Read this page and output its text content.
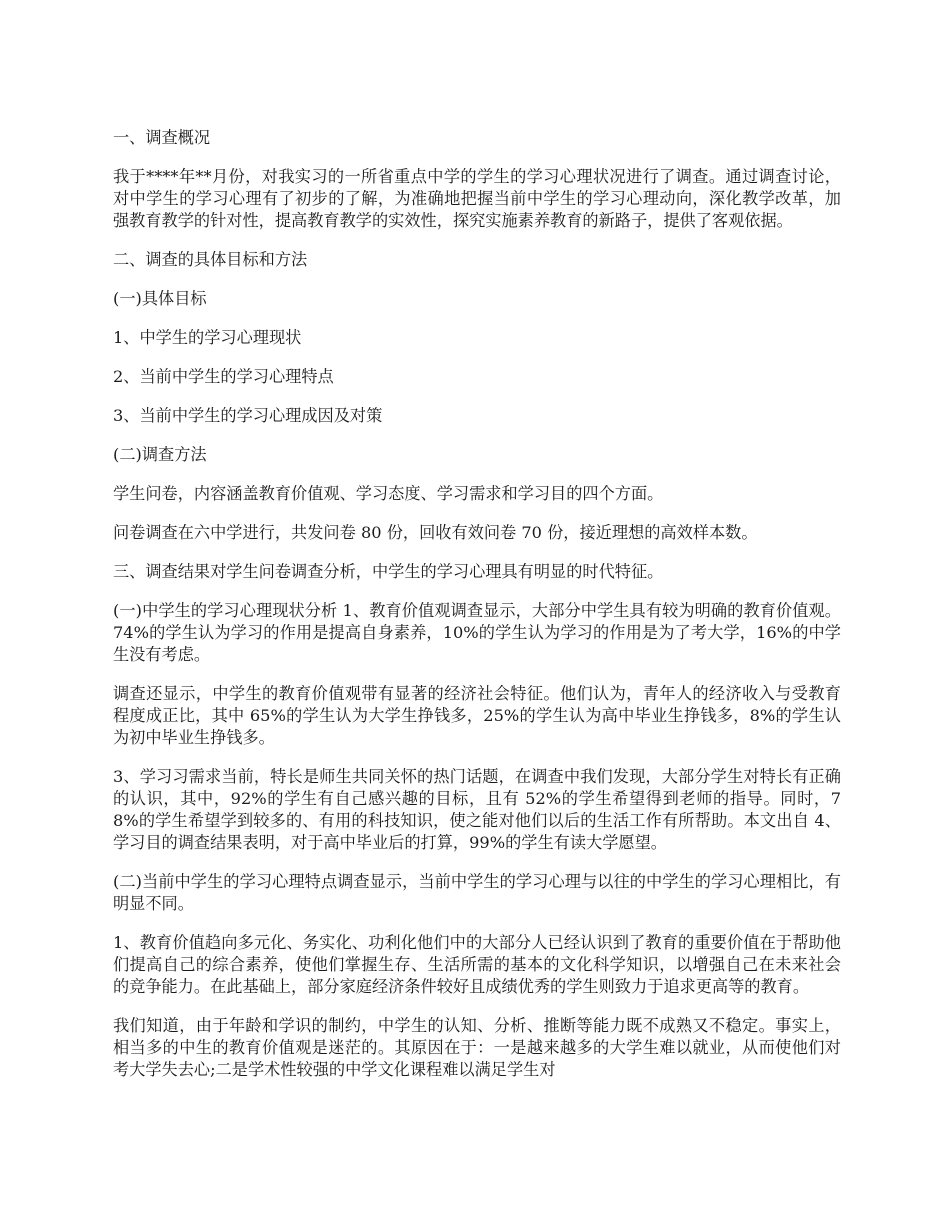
一、调查概况

我于****年**月份，对我实习的一所省重点中学的学生的学习心理状况进行了调查。通过调查讨论，对中学生的学习心理有了初步的了解，为准确地把握当前中学生的学习心理动向，深化教学改革，加强教育教学的针对性，提高教育教学的实效性，探究实施素养教育的新路子，提供了客观依据。

二、调查的具体目标和方法

(一)具体目标

1、中学生的学习心理现状

2、当前中学生的学习心理特点

3、当前中学生的学习心理成因及对策

(二)调查方法

学生问卷，内容涵盖教育价值观、学习态度、学习需求和学习目的四个方面。

问卷调查在六中学进行，共发问卷 80 份，回收有效问卷 70 份，接近理想的高效样本数。

三、调查结果对学生问卷调查分析，中学生的学习心理具有明显的时代特征。

(一)中学生的学习心理现状分析 1、教育价值观调查显示，大部分中学生具有较为明确的教育价值观。74%的学生认为学习的作用是提高自身素养，10%的学生认为学习的作用是为了考大学，16%的中学生没有考虑。

调查还显示，中学生的教育价值观带有显著的经济社会特征。他们认为，青年人的经济收入与受教育程度成正比，其中 65%的学生认为大学生挣钱多，25%的学生认为高中毕业生挣钱多，8%的学生认为初中毕业生挣钱多。

3、学习习需求当前，特长是师生共同关怀的热门话题，在调查中我们发现，大部分学生对特长有正确的认识，其中，92%的学生有自己感兴趣的目标，且有 52%的学生希望得到老师的指导。同时，78%的学生希望学到较多的、有用的科技知识，使之能对他们以后的生活工作有所帮助。本文出自 4、学习目的调查结果表明，对于高中毕业后的打算，99%的学生有读大学愿望。

(二)当前中学生的学习心理特点调查显示，当前中学生的学习心理与以往的中学生的学习心理相比，有明显不同。

1、教育价值趋向多元化、务实化、功利化他们中的大部分人已经认识到了教育的重要价值在于帮助他们提高自己的综合素养，使他们掌握生存、生活所需的基本的文化科学知识，以增强自己在未来社会的竞争能力。在此基础上，部分家庭经济条件较好且成绩优秀的学生则致力于追求更高等的教育。

我们知道，由于年龄和学识的制约，中学生的认知、分析、推断等能力既不成熟又不稳定。事实上，相当多的中生的教育价值观是迷茫的。其原因在于：一是越来越多的大学生难以就业，从而使他们对考大学失去心;二是学术性较强的中学文化课程难以满足学生对
